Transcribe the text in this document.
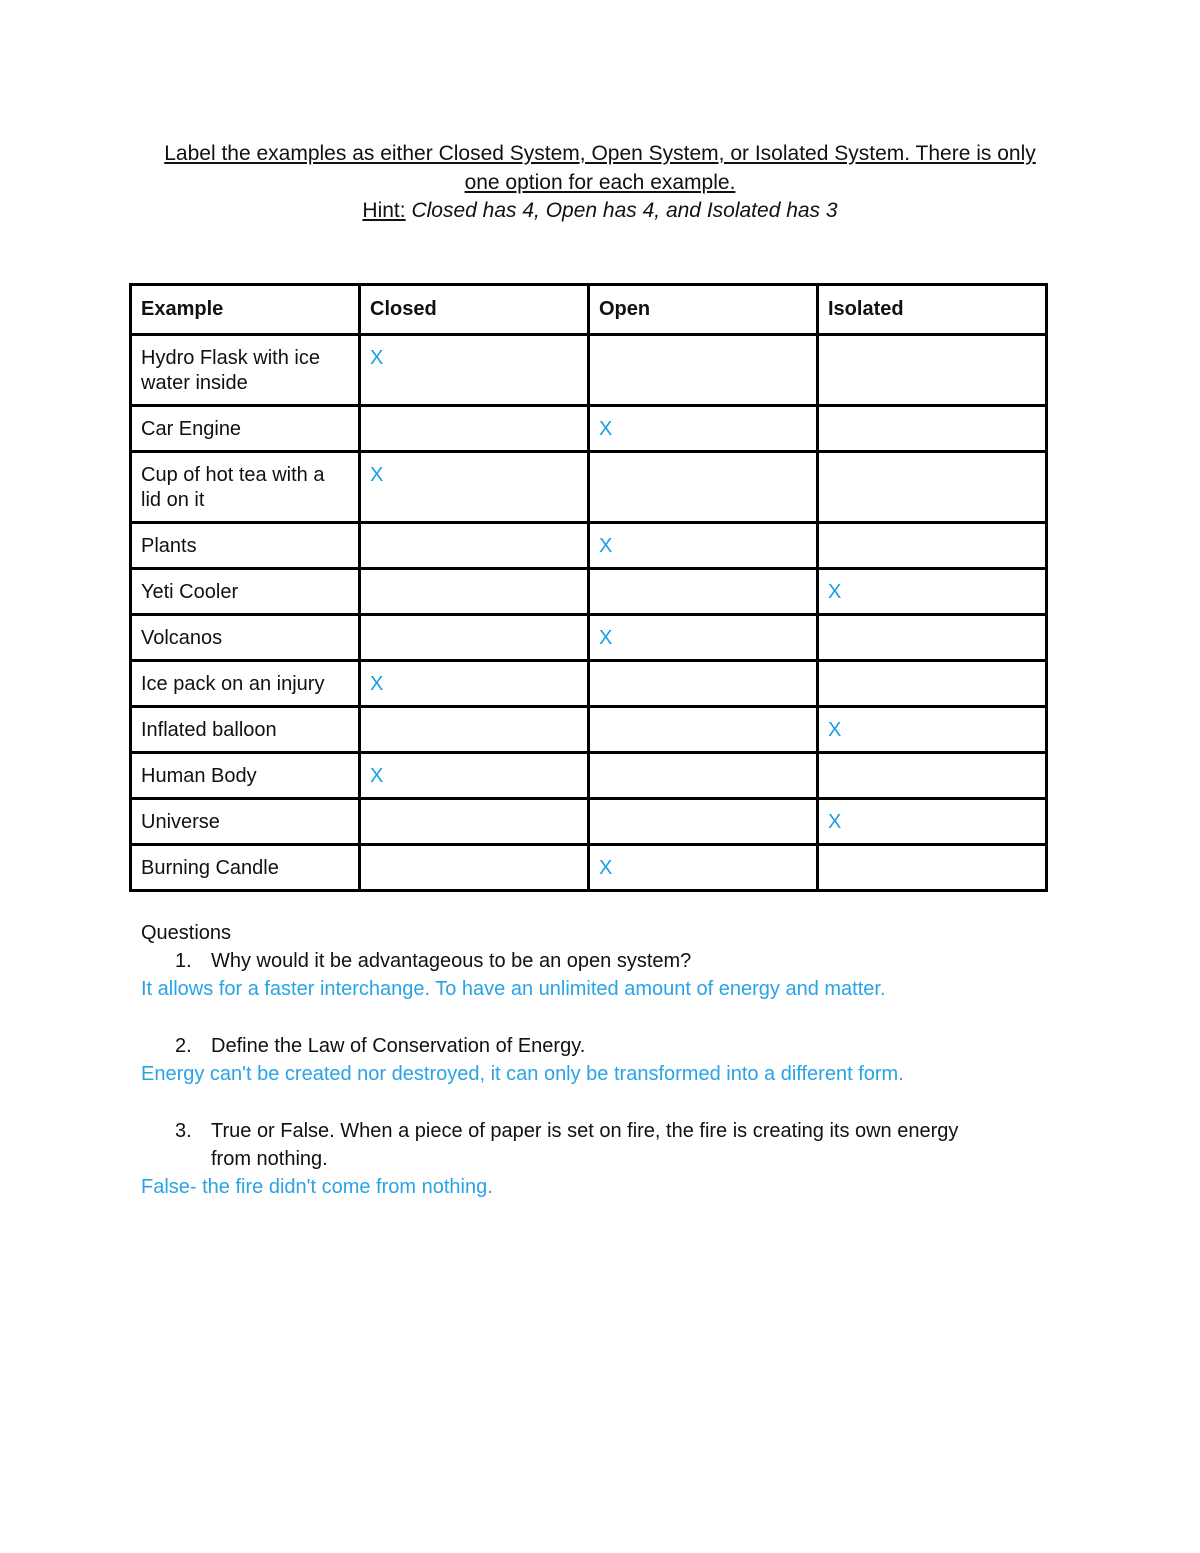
Label the examples as either Closed System, Open System, or Isolated System. There is only
one option for each example.
Hint: Closed has 4, Open has 4, and Isolated has 3
Example	Closed	Open	Isolated
Hydro Flask with ice water inside	X		
Car Engine		X	
Cup of hot tea with a lid on it	X		
Plants		X	
Yeti Cooler			X
Volcanos		X	
Ice pack on an injury	X		
Inflated balloon			X
Human Body	X		
Universe			X
Burning Candle		X	
Questions
1. Why would it be advantageous to be an open system?
It allows for a faster interchange. To have an unlimited amount of energy and matter.
2. Define the Law of Conservation of Energy.
Energy can't be created nor destroyed, it can only be transformed into a different form.
3. True or False. When a piece of paper is set on fire, the fire is creating its own energy
from nothing.
False- the fire didn't come from nothing.
